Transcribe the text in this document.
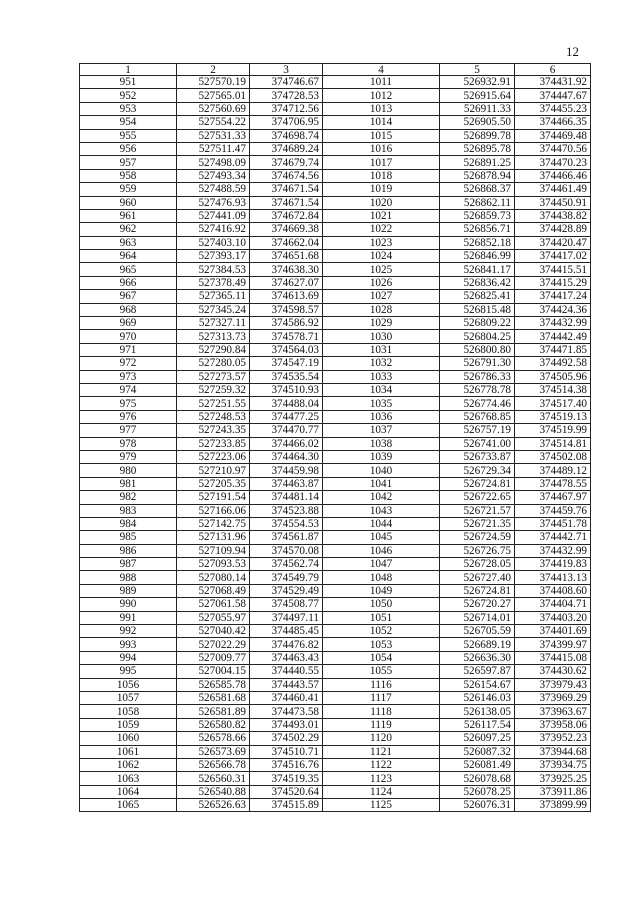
12
1	2	3	4	5	6
951	527570.19	374746.67	1011	526932.91	374431.92
952	527565.01	374728.53	1012	526915.64	374447.67
953	527560.69	374712.56	1013	526911.33	374455.23
954	527554.22	374706.95	1014	526905.50	374466.35
955	527531.33	374698.74	1015	526899.78	374469.48
956	527511.47	374689.24	1016	526895.78	374470.56
957	527498.09	374679.74	1017	526891.25	374470.23
958	527493.34	374674.56	1018	526878.94	374466.46
959	527488.59	374671.54	1019	526868.37	374461.49
960	527476.93	374671.54	1020	526862.11	374450.91
961	527441.09	374672.84	1021	526859.73	374438.82
962	527416.92	374669.38	1022	526856.71	374428.89
963	527403.10	374662.04	1023	526852.18	374420.47
964	527393.17	374651.68	1024	526846.99	374417.02
965	527384.53	374638.30	1025	526841.17	374415.51
966	527378.49	374627.07	1026	526836.42	374415.29
967	527365.11	374613.69	1027	526825.41	374417.24
968	527345.24	374598.57	1028	526815.48	374424.36
969	527327.11	374586.92	1029	526809.22	374432.99
970	527313.73	374578.71	1030	526804.25	374442.49
971	527290.84	374564.03	1031	526800.80	374471.85
972	527280.05	374547.19	1032	526791.30	374492.58
973	527273.57	374535.54	1033	526786.33	374505.96
974	527259.32	374510.93	1034	526778.78	374514.38
975	527251.55	374488.04	1035	526774.46	374517.40
976	527248.53	374477.25	1036	526768.85	374519.13
977	527243.35	374470.77	1037	526757.19	374519.99
978	527233.85	374466.02	1038	526741.00	374514.81
979	527223.06	374464.30	1039	526733.87	374502.08
980	527210.97	374459.98	1040	526729.34	374489.12
981	527205.35	374463.87	1041	526724.81	374478.55
982	527191.54	374481.14	1042	526722.65	374467.97
983	527166.06	374523.88	1043	526721.57	374459.76
984	527142.75	374554.53	1044	526721.35	374451.78
985	527131.96	374561.87	1045	526724.59	374442.71
986	527109.94	374570.08	1046	526726.75	374432.99
987	527093.53	374562.74	1047	526728.05	374419.83
988	527080.14	374549.79	1048	526727.40	374413.13
989	527068.49	374529.49	1049	526724.81	374408.60
990	527061.58	374508.77	1050	526720.27	374404.71
991	527055.97	374497.11	1051	526714.01	374403.20
992	527040.42	374485.45	1052	526705.59	374401.69
993	527022.29	374476.82	1053	526689.19	374399.97
994	527009.77	374463.43	1054	526636.30	374415.08
995	527004.15	374440.55	1055	526597.87	374430.62
1056	526585.78	374443.57	1116	526154.67	373979.43
1057	526581.68	374460.41	1117	526146.03	373969.29
1058	526581.89	374473.58	1118	526138.05	373963.67
1059	526580.82	374493.01	1119	526117.54	373958.06
1060	526578.66	374502.29	1120	526097.25	373952.23
1061	526573.69	374510.71	1121	526087.32	373944.68
1062	526566.78	374516.76	1122	526081.49	373934.75
1063	526560.31	374519.35	1123	526078.68	373925.25
1064	526540.88	374520.64	1124	526078.25	373911.86
1065	526526.63	374515.89	1125	526076.31	373899.99
